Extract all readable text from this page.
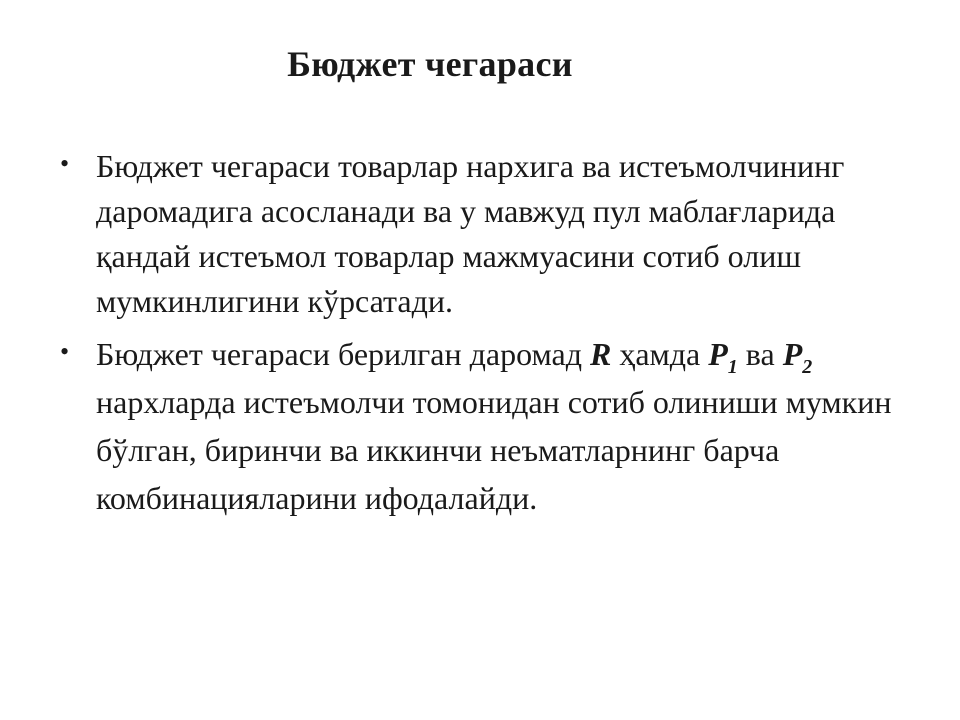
Бюджет чегараси
• Бюджет чегараси товарлар нархига ва истеъмолчининг даромадига асосланади ва у мавжуд пул маблағларида қандай истеъмол товарлар мажмуасини сотиб олиш мумкинлигини кўрсатади.
• Бюджет чегараси берилган даромад R ҳамда $P_1$ ва $P_2$ нархларда истеъмолчи томонидан сотиб олиниши мумкин бўлган, биринчи ва иккинчи неъматларнинг барча комбинацияларини ифодалайди.
